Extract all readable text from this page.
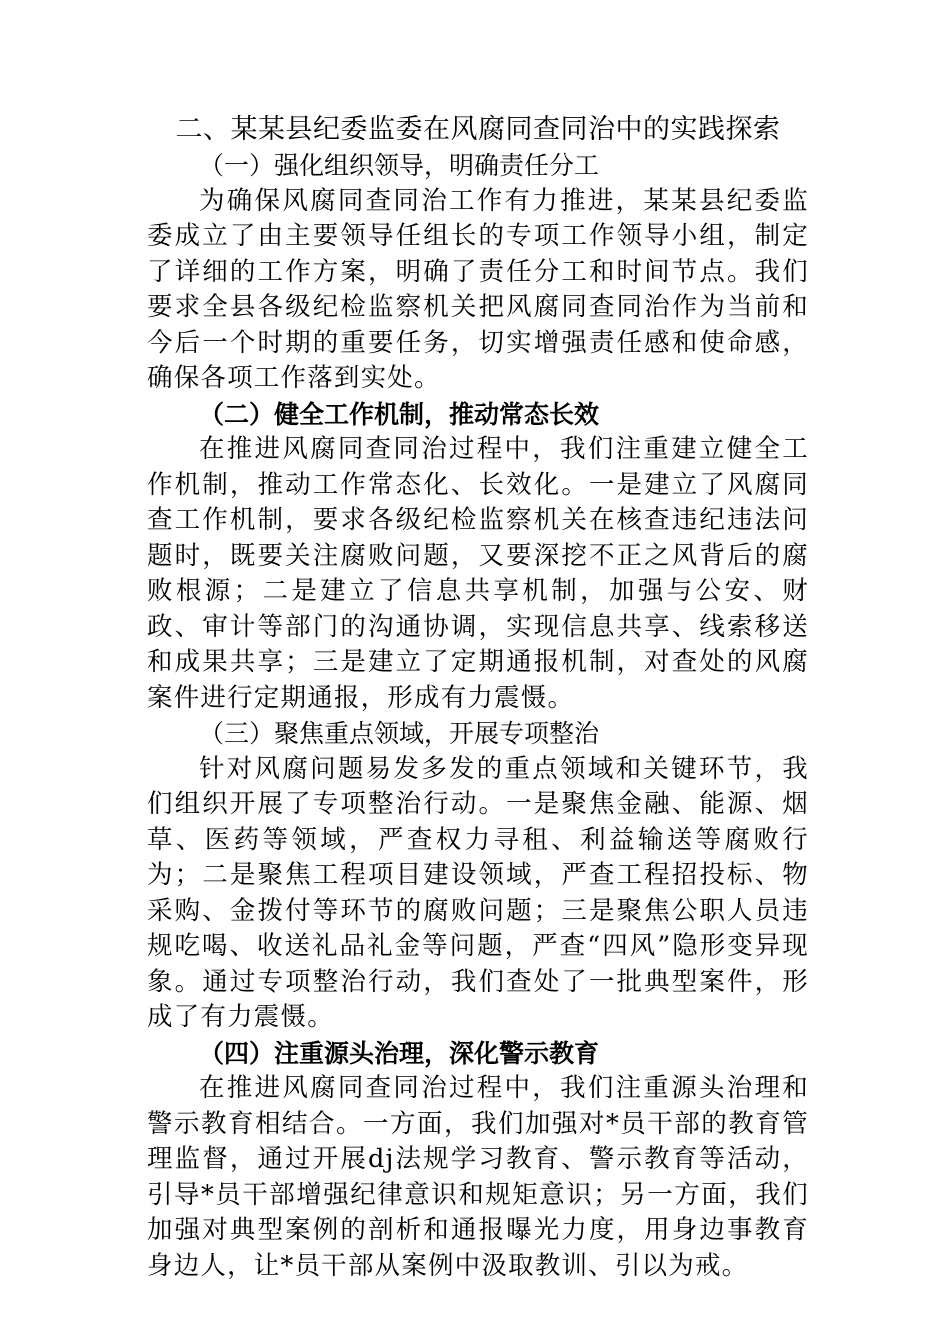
二、某某县纪委监委在风腐同查同治中的实践探索
（一）强化组织领导，明确责任分工

为确保风腐同查同治工作有力推进，某某县纪委监委成立了由主要领导任组长的专项工作领导小组，制定了详细的工作方案，明确了责任分工和时间节点。我们要求全县各级纪检监察机关把风腐同查同治作为当前和今后一个时期的重要任务，切实增强责任感和使命感，确保各项工作落到实处。

（二）健全工作机制，推动常态长效

在推进风腐同查同治过程中，我们注重建立健全工作机制，推动工作常态化、长效化。一是建立了风腐同查工作机制，要求各级纪检监察机关在核查违纪违法问题时，既要关注腐败问题，又要深挖不正之风背后的腐败根源；二是建立了信息共享机制，加强与公安、财政、审计等部门的沟通协调，实现信息共享、线索移送和成果共享；三是建立了定期通报机制，对查处的风腐案件进行定期通报，形成有力震慑。

（三）聚焦重点领域，开展专项整治

针对风腐问题易发多发的重点领域和关键环节，我们组织开展了专项整治行动。一是聚焦金融、能源、烟草、医药等领域，严查权力寻租、利益输送等腐败行为；二是聚焦工程项目建设领域，严查工程招投标、物采购、金拨付等环节的腐败问题；三是聚焦公职人员违规吃喝、收送礼品礼金等问题，严查“四风”隐形变异现象。通过专项整治行动，我们查处了一批典型案件，形成了有力震慑。

（四）注重源头治理，深化警示教育

在推进风腐同查同治过程中，我们注重源头治理和警示教育相结合。一方面，我们加强对*员干部的教育管理监督，通过开展dj法规学习教育、警示教育等活动，引导*员干部增强纪律意识和规矩意识；另一方面，我们加强对典型案例的剖析和通报曝光力度，用身边事教育身边人，让*员干部从案例中汲取教训、引以为戒。
